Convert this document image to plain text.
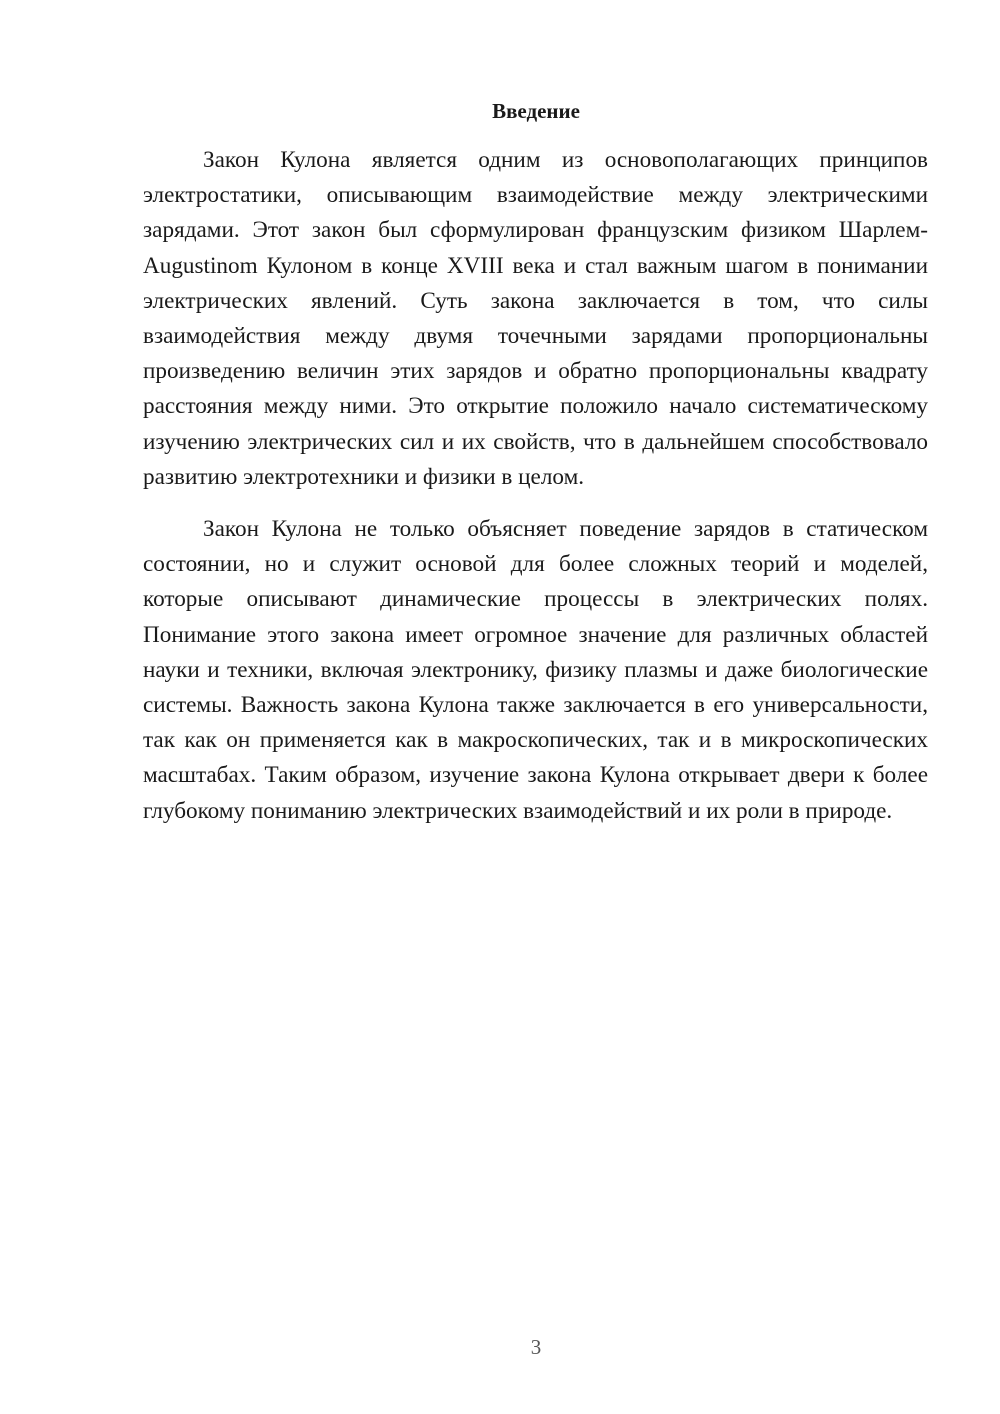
Введение

Закон Кулона является одним из основополагающих принципов электростатики, описывающим взаимодействие между электрическими зарядами. Этот закон был сформулирован французским физиком Шарлем-Augustinom Кулоном в конце XVIII века и стал важным шагом в понимании электрических явлений. Суть закона заключается в том, что силы взаимодействия между двумя точечными зарядами пропорциональны произведению величин этих зарядов и обратно пропорциональны квадрату расстояния между ними. Это открытие положило начало систематическому изучению электрических сил и их свойств, что в дальнейшем способствовало развитию электротехники и физики в целом.

Закон Кулона не только объясняет поведение зарядов в статическом состоянии, но и служит основой для более сложных теорий и моделей, которые описывают динамические процессы в электрических полях. Понимание этого закона имеет огромное значение для различных областей науки и техники, включая электронику, физику плазмы и даже биологические системы. Важность закона Кулона также заключается в его универсальности, так как он применяется как в макроскопических, так и в микроскопических масштабах. Таким образом, изучение закона Кулона открывает двери к более глубокому пониманию электрических взаимодействий и их роли в природе.

3
